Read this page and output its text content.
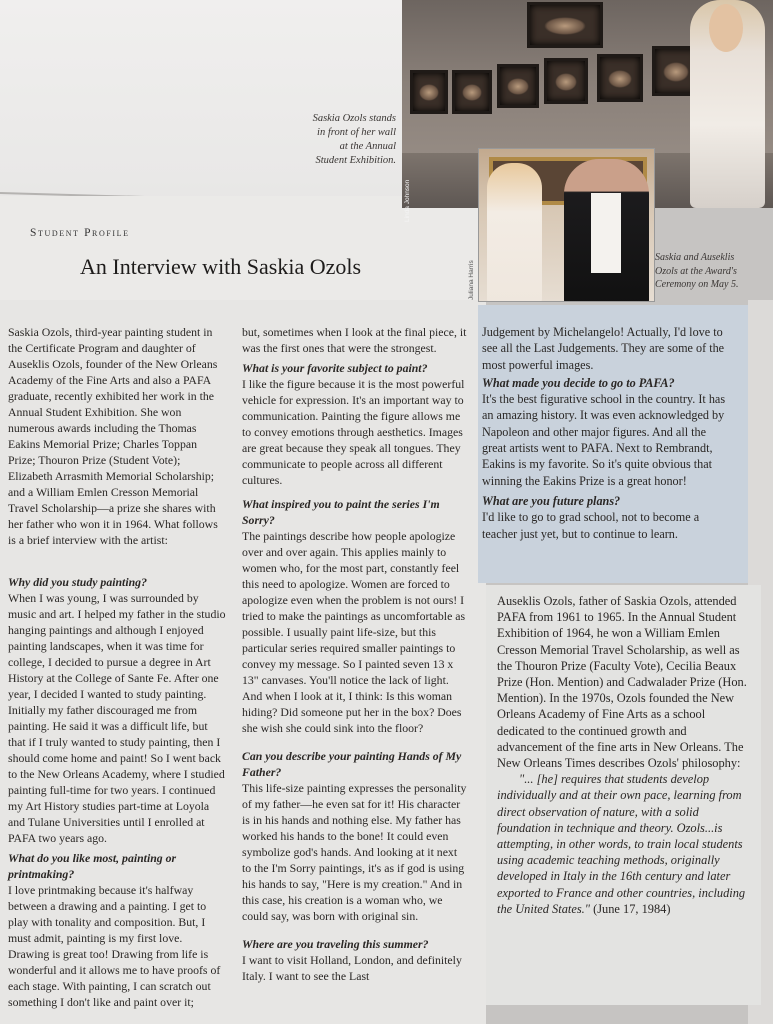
Linda Johnson
Saskia Ozols stands
in front of her wall
at the Annual
Student Exhibition.
Juliana Harris
Saskia and Auseklis
Ozols at the Award's
Ceremony on May 5.
Student Profile
An Interview with Saskia Ozols

Saskia Ozols, third-year painting student in the Certificate Program and daughter of Auseklis Ozols, founder of the New Orleans Academy of the Fine Arts and also a PAFA graduate, recently exhibited her work in the Annual Student Exhibition. She won numerous awards including the Thomas Eakins Memorial Prize; Charles Toppan Prize; Thouron Prize (Student Vote); Elizabeth Arrasmith Memorial Scholarship; and a William Emlen Cresson Memorial Travel Scholarship—a prize she shares with her father who won it in 1964. What follows is a brief interview with the artist:

Why did you study painting?

When I was young, I was surrounded by music and art. I helped my father in the studio hanging paintings and although I enjoyed painting landscapes, when it was time for college, I decided to pursue a degree in Art History at the College of Sante Fe. After one year, I decided I wanted to study painting. Initially my father discouraged me from painting. He said it was a difficult life, but that if I truly wanted to study painting, then I should come home and paint! So I went back to the New Orleans Academy, where I studied painting full-time for two years. I continued my Art History studies part-time at Loyola and Tulane Universities until I enrolled at PAFA two years ago.

What do you like most, painting or printmaking?

I love printmaking because it's halfway between a drawing and a painting. I get to play with tonality and composition. But, I must admit, painting is my first love. Drawing is great too! Drawing from life is wonderful and it allows me to have proofs of each stage. With painting, I can scratch out something I don't like and paint over it;

but, sometimes when I look at the final piece, it was the first ones that were the strongest.

What is your favorite subject to paint?

I like the figure because it is the most powerful vehicle for expression. It's an important way to communication. Painting the figure allows me to convey emotions through aesthetics. Images are great because they speak all tongues. They communicate to people across all different cultures.

What inspired you to paint the series I'm Sorry?

The paintings describe how people apologize over and over again. This applies mainly to women who, for the most part, constantly feel this need to apologize. Women are forced to apologize even when the problem is not ours! I tried to make the paintings as uncomfortable as possible. I usually paint life-size, but this particular series required smaller paintings to convey my message. So I painted seven 13 x 13" canvases. You'll notice the lack of light. And when I look at it, I think: Is this woman hiding? Did someone put her in the box? Does she wish she could sink into the floor?

Can you describe your painting Hands of My Father?

This life-size painting expresses the personality of my father—he even sat for it! His character is in his hands and nothing else. My father has worked his hands to the bone! It could even symbolize god's hands. And looking at it next to the I'm Sorry paintings, it's as if god is using his hands to say, "Here is my creation." And in this case, his creation is a woman who, we could say, was born with original sin.

Where are you traveling this summer?

I want to visit Holland, London, and definitely Italy. I want to see the Last

Judgement by Michelangelo! Actually, I'd love to see all the Last Judgements. They are some of the most powerful images.

What made you decide to go to PAFA?

It's the best figurative school in the country. It has an amazing history. It was even acknowledged by Napoleon and other major figures. And all the great artists went to PAFA. Next to Rembrandt, Eakins is my favorite. So it's quite obvious that winning the Eakins Prize is a great honor!

What are you future plans?

I'd like to go to grad school, not to become a teacher just yet, but to continue to learn.

Auseklis Ozols, father of Saskia Ozols, attended PAFA from 1961 to 1965. In the Annual Student Exhibition of 1964, he won a William Emlen Cresson Memorial Travel Scholarship, as well as the Thouron Prize (Faculty Vote), Cecilia Beaux Prize (Hon. Mention) and Cadwalader Prize (Hon. Mention). In the 1970s, Ozols founded the New Orleans Academy of Fine Arts as a school dedicated to the continued growth and advancement of the fine arts in New Orleans. The New Orleans Times describes Ozols' philosophy:

"... [he] requires that students develop individually and at their own pace, learning from direct observation of nature, with a solid foundation in technique and theory. Ozols...is attempting, in other words, to train local students using academic teaching methods, originally developed in Italy in the 16th century and later exported to France and other countries, including the United States." (June 17, 1984)
